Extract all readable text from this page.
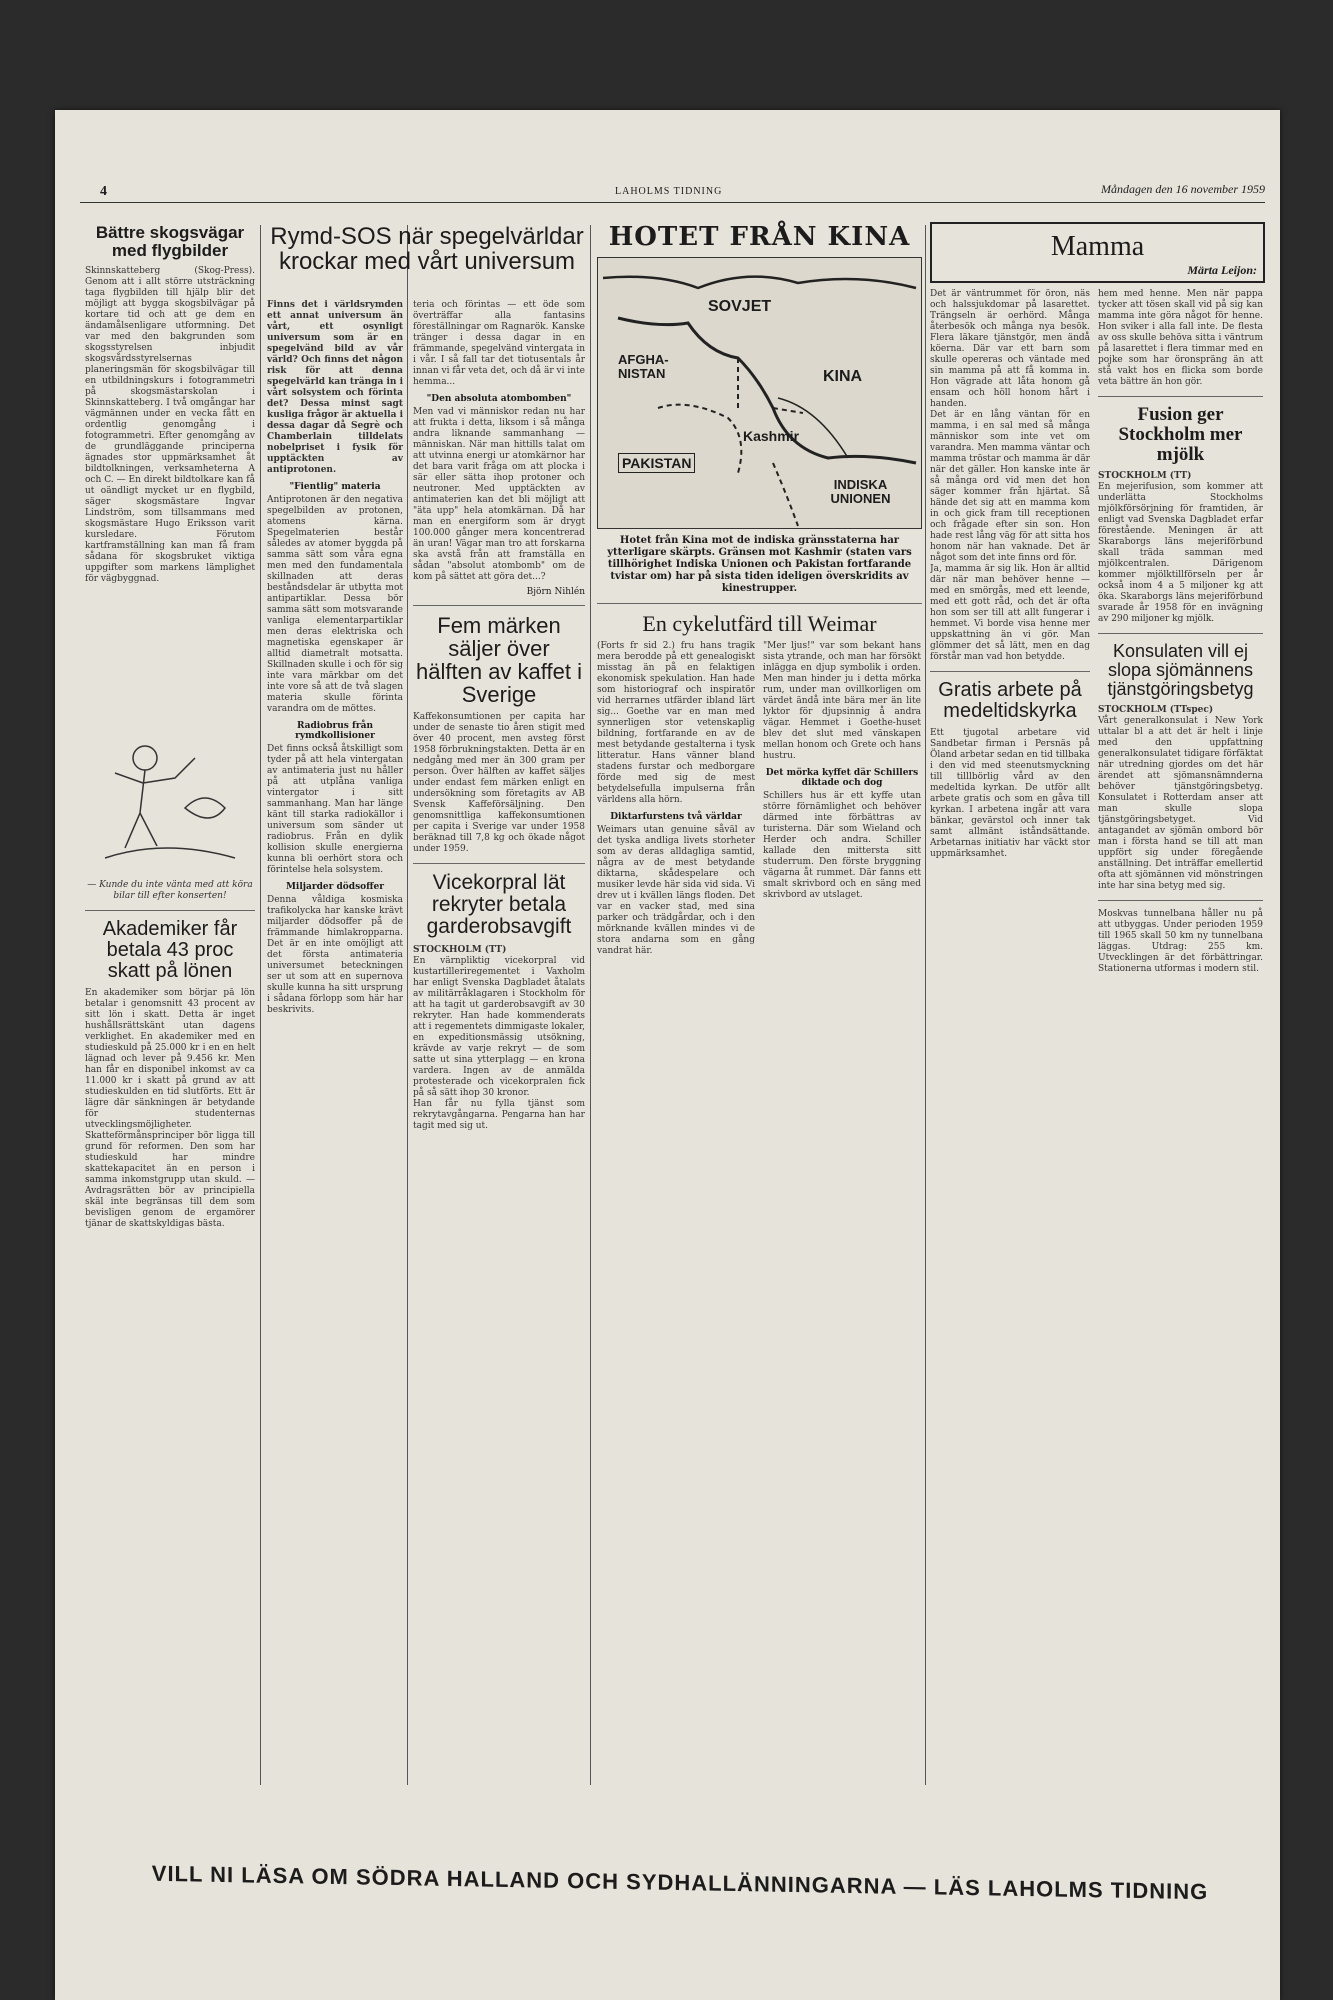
4	LAHOLMS TIDNING	Måndagen den 16 november 1959
Bättre skogsvägar med flygbilder
Skinnskatteberg (Skog-Press). Genom att i allt större utsträckning taga flygbilden till hjälp blir det möjligt att bygga skogsbilvägar på kortare tid och att ge dem en ändamålsenligare utformning. Det var med den bakgrunden som skogsstyrelsen inbjudit skogsvårdsstyrelsernas planeringsmän för skogsbilvägar till en utbildningskurs i fotogrammetri på skogsmästarskolan i Skinnskatteberg. I två omgångar har vägmännen under en vecka fått en ordentlig genomgång i fotogrammetri. Efter genomgång av de grundläggande principerna ägnades stor uppmärksamhet åt bildtolkningen, verksamheterna A och C. — En direkt bildtolkare kan få ut oändligt mycket ur en flygbild, säger skogsmästare Ingvar Lindström, som tillsammans med skogsmästare Hugo Eriksson varit kursledare. Förutom kartframställning kan man få fram sådana för skogsbruket viktiga uppgifter som markens lämplighet för vägbyggnad.
— Kunde du inte vänta med att köra bilar till efter konserten!
Akademiker får betala 43 proc skatt på lönen
En akademiker som börjar på lön betalar i genomsnitt 43 procent av sitt lön i skatt. Detta är inget hushållsrättskänt utan dagens verklighet. En akademiker med en studieskuld på 25.000 kr i en en helt lägnad och lever på 9.456 kr. Men han får en disponibel inkomst av ca 11.000 kr i skatt på grund av att studieskulden en tid slutförts. Ett är lägre där sänkningen är betydande för studenternas utvecklingsmöjligheter. Skatteförmånsprinciper bör ligga till grund för reformen. Den som har studieskuld har mindre skattekapacitet än en person i samma inkomstgrupp utan skuld. — Avdragsrätten bör av principiella skäl inte begränsas till dem som bevisligen genom de ergamörer tjänar de skattskyldigas bästa.
Rymd-SOS när spegelvärldar krockar med vårt universum
Finns det i världsrymden ett annat universum än vårt, ett osynligt universum som är en spegelvänd bild av vår värld? Och finns det någon risk för att denna spegelvärld kan tränga in i vårt solsystem och förinta det? Dessa minst sagt kusliga frågor är aktuella i dessa dagar då Segrè och Chamberlain tilldelats nobelpriset i fysik för upptäckten av antiprotonen.
"Fientlig" materia
Antiprotonen är den negativa spegelbilden av protonen, atomens kärna. Spegelmaterien består således av atomer byggda på samma sätt som våra egna men med den fundamentala skillnaden att deras beståndsdelar är utbytta mot antipartiklar. Dessa bör samma sätt som motsvarande vanliga elementarpartiklar men deras elektriska och magnetiska egenskaper är alltid diametralt motsatta. Skillnaden skulle i och för sig inte vara märkbar om det inte vore så att de två slagen materia skulle förinta varandra om de möttes.
Radiobrus från rymdkollisioner
Det finns också åtskilligt som tyder på att hela vintergatan av antimateria just nu håller på att utplåna vanliga vintergator i sitt sammanhang. Man har länge känt till starka radiokällor i universum som sänder ut radiobrus. Från en dylik kollision skulle energierna kunna bli oerhört stora och förintelse hela solsystem.
Miljarder dödsoffer
Denna våldiga kosmiska trafikolycka har kanske krävt miljarder dödsoffer på de främmande himlakropparna. Det är en inte omöjligt att det första antimateria universumet beteckningen ser ut som att en supernova skulle kunna ha sitt ursprung i sådana förlopp som här har beskrivits.
teria och förintas — ett öde som överträffar alla fantasins föreställningar om Ragnarök. Kanske tränger i dessa dagar in en främmande, spegelvänd vintergata in i vår. I så fall tar det tiotusentals år innan vi får veta det, och då är vi inte hemma...
"Den absoluta atombomben"
Men vad vi människor redan nu har att frukta i detta, liksom i så många andra liknande sammanhang — människan. När man hittills talat om att utvinna energi ur atomkärnor har det bara varit fråga om att plocka i sär eller sätta ihop protoner och neutroner. Med upptäckten av antimaterien kan det bli möjligt att "äta upp" hela atomkärnan. Då har man en energiform som är drygt 100.000 gånger mera koncentrerad än uran! Vägar man tro att forskarna ska avstå från att framställa en sådan "absolut atombomb" om de kom på sättet att göra det...?
Björn Nihlén
Fem märken säljer över hälften av kaffet i Sverige
Kaffekonsumtionen per capita har under de senaste tio åren stigit med över 40 procent, men avsteg först 1958 förbrukningstakten. Detta är en nedgång med mer än 300 gram per person. Över hälften av kaffet säljes under endast fem märken enligt en undersökning som företagits av AB Svensk Kaffeförsäljning. Den genomsnittliga kaffekonsumtionen per capita i Sverige var under 1958 beräknad till 7,8 kg och ökade något under 1959.
Vicekorpral lät rekryter betala garderobsavgift
STOCKHOLM (TT)
En värnpliktig vicekorpral vid kustartilleriregementet i Vaxholm har enligt Svenska Dagbladet åtalats av militärråklagaren i Stockholm för att ha tagit ut garderobsavgift av 30 rekryter. Han hade kommenderats att i regementets dimmigaste lokaler, en expeditionsmässig utsökning, krävde av varje rekryt — de som satte ut sina ytterplagg — en krona vardera. Ingen av de anmälda protesterade och vicekorpralen fick på så sätt ihop 30 kronor.
Han får nu fylla tjänst som rekrytavgångarna. Pengarna han har tagit med sig ut.
HOTET FRÅN KINA
SOVJET
AFGHA-NISTAN	KINA
Kashmir
PAKISTAN
INDISKA UNIONEN
Hotet från Kina mot de indiska gränsstaterna har ytterligare skärpts. Gränsen mot Kashmir (staten vars tillhörighet Indiska Unionen och Pakistan fortfarande tvistar om) har på sista tiden ideligen överskridits av kinestrupper.
En cykelutfärd till Weimar
(Forts fr sid 2.) fru hans tragik mera berodde på ett genealogiskt misstag än på en felaktigen ekonomisk spekulation. Han hade som historiograf och inspiratör vid herrarnes utfärder ibland lärt sig... Goethe var en man med synnerligen stor vetenskaplig bildning, fortfarande en av de mest betydande gestalterna i tysk litteratur. Hans vänner bland stadens furstar och medborgare förde med sig de mest betydelsefulla impulserna från världens alla hörn.
Diktarfurstens två världar
Weimars utan genuine såväl av det tyska andliga livets storheter som av deras alldagliga samtid, några av de mest betydande diktarna, skådespelare och musiker levde här sida vid sida. Vi drev ut i kvällen längs floden. Det var en vacker stad, med sina parker och trädgårdar, och i den mörknande kvällen mindes vi de stora andarna som en gång vandrat här.
"Mer ljus!" var som bekant hans sista ytrande, och man har försökt inlägga en djup symbolik i orden. Men man hinder ju i detta mörka rum, under man ovillkorligen om värdet ändå inte bära mer än lite lyktor för djupsinnig å andra vägar. Hemmet i Goethe-huset blev det slut med vänskapen mellan honom och Grete och hans hustru.
Det mörka kyffet där Schillers diktade och dog
Schillers hus är ett kyffe utan större förnämlighet och behöver därmed inte förbättras av turisterna. Där som Wieland och Herder och andra. Schiller kallade den mittersta sitt studerrum. Den förste bryggning vägarna åt rummet. Där fanns ett smalt skrivbord och en säng med skrivbord av utslaget.
Mamma
Märta Leijon:
Det är väntrummet för öron, näs och halssjukdomar på lasarettet. Trängseln är oerhörd. Många återbesök och många nya besök. Flera läkare tjänstgör, men ändå köerna. Där var ett barn som skulle opereras och väntade med sin mamma på att få komma in. Hon vägrade att låta honom gå ensam och höll honom hårt i handen.
Det är en lång väntan för en mamma, i en sal med så många människor som inte vet om varandra. Men mamma väntar och mamma tröstar och mamma är där när det gäller. Hon kanske inte är så många ord vid men det hon säger kommer från hjärtat. Så hände det sig att en mamma kom in och gick fram till receptionen och frågade efter sin son. Hon hade rest lång väg för att sitta hos honom när han vaknade. Det är något som det inte finns ord för.
Ja, mamma är sig lik. Hon är alltid där när man behöver henne — med en smörgås, med ett leende, med ett gott råd, och det är ofta hon som ser till att allt fungerar i hemmet. Vi borde visa henne mer uppskattning än vi gör. Man glömmer det så lätt, men en dag förstår man vad hon betydde.
Gratis arbete på medeltidskyrka
Ett tjugotal arbetare vid Sandbetar firman i Persnäs på Öland arbetar sedan en tid tillbaka i den vid med steenutsmyckning till tilllbörlig vård av den medeltida kyrkan. De utför allt arbete gratis och som en gåva till kyrkan. I arbetena ingår att vara bänkar, gevärstol och inner tak samt allmänt iståndsättande. Arbetarnas initiativ har väckt stor uppmärksamhet.
hem med henne. Men när pappa tycker att tösen skall vid på sig kan mamma inte göra något för henne. Hon sviker i alla fall inte. De flesta av oss skulle behöva sitta i väntrum på lasarettet i flera timmar med en pojke som har öronspräng än att stå vakt hos en flicka som borde veta bättre än hon gör.
Fusion ger Stockholm mer mjölk
STOCKHOLM (TT)
En mejerifusion, som kommer att underlätta Stockholms mjölkförsörjning för framtiden, är enligt vad Svenska Dagbladet erfar förestående. Meningen är att Skaraborgs läns mejeriförbund skall träda samman med mjölkcentralen. Därigenom kommer mjölktillförseln per år också inom 4 a 5 miljoner kg att öka. Skaraborgs läns mejeriförbund svarade år 1958 för en invägning av 290 miljoner kg mjölk.
Konsulaten vill ej slopa sjömännens tjänstgöringsbetyg
STOCKHOLM (TTspec)
Vårt generalkonsulat i New York uttalar bl a att det är helt i linje med den uppfattning generalkonsulatet tidigare förfäktat när utredning gjordes om det här ärendet att sjömansnämnderna behöver tjänstgöringsbetyg. Konsulatet i Rotterdam anser att man skulle slopa tjänstgöringsbetyget. Vid antagandet av sjömän ombord bör man i första hand se till att man uppfört sig under föregående anställning. Det inträffar emellertid ofta att sjömännen vid mönstringen inte har sina betyg med sig.
Moskvas tunnelbana håller nu på att utbyggas. Under perioden 1959 till 1965 skall 50 km ny tunnelbana läggas. Utdrag: 255 km. Utvecklingen är det förbättringar. Stationerna utformas i modern stil.
VILL NI LÄSA OM SÖDRA HALLAND OCH SYDHALLÄNNINGARNA — LÄS LAHOLMS TIDNING
